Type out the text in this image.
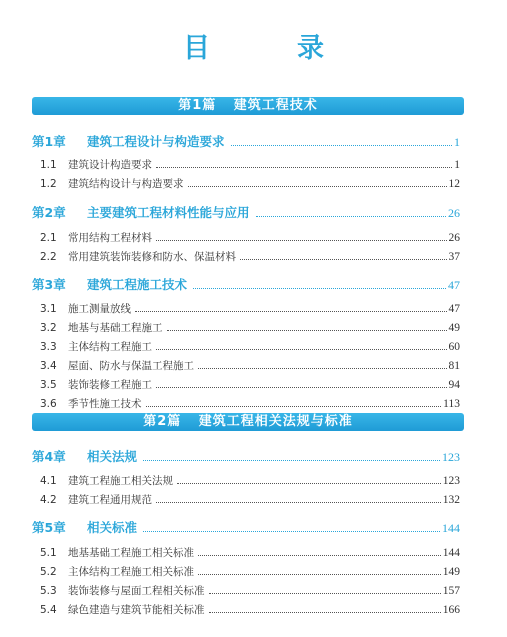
目　录
第1篇 建筑工程技术
第1章	建筑工程设计与构造要求	1
1.1	建筑设计构造要求	1
1.2	建筑结构设计与构造要求	12
第2章	主要建筑工程材料性能与应用	26
2.1	常用结构工程材料	26
2.2	常用建筑装饰装修和防水、保温材料	37
第3章	建筑工程施工技术	47
3.1	施工测量放线	47
3.2	地基与基础工程施工	49
3.3	主体结构工程施工	60
3.4	屋面、防水与保温工程施工	81
3.5	装饰装修工程施工	94
3.6	季节性施工技术	113
第2篇 建筑工程相关法规与标准
第4章	相关法规	123
4.1	建筑工程施工相关法规	123
4.2	建筑工程通用规范	132
第5章	相关标准	144
5.1	地基基础工程施工相关标准	144
5.2	主体结构工程施工相关标准	149
5.3	装饰装修与屋面工程相关标准	157
5.4	绿色建造与建筑节能相关标准	166
